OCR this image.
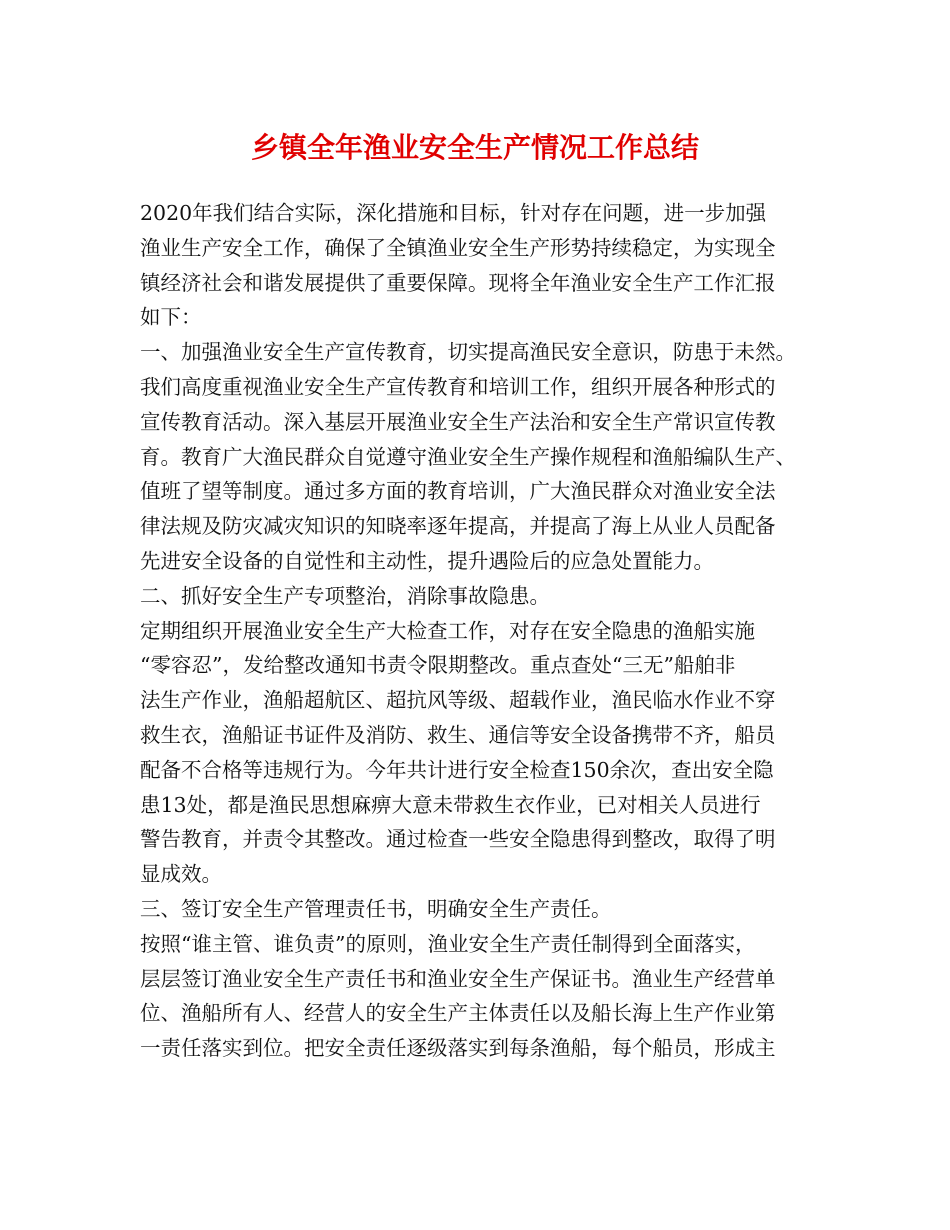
乡镇全年渔业安全生产情况工作总结
2020年我们结合实际，深化措施和目标，针对存在问题，进一步加强
渔业生产安全工作，确保了全镇渔业安全生产形势持续稳定，为实现全
镇经济社会和谐发展提供了重要保障。现将全年渔业安全生产工作汇报
如下：
一、加强渔业安全生产宣传教育，切实提高渔民安全意识，防患于未然。
我们高度重视渔业安全生产宣传教育和培训工作，组织开展各种形式的
宣传教育活动。深入基层开展渔业安全生产法治和安全生产常识宣传教
育。教育广大渔民群众自觉遵守渔业安全生产操作规程和渔船编队生产、
值班了望等制度。通过多方面的教育培训，广大渔民群众对渔业安全法
律法规及防灾减灾知识的知晓率逐年提高，并提高了海上从业人员配备
先进安全设备的自觉性和主动性，提升遇险后的应急处置能力。
二、抓好安全生产专项整治，消除事故隐患。
定期组织开展渔业安全生产大检查工作，对存在安全隐患的渔船实施
“零容忍”，发给整改通知书责令限期整改。重点查处“三无”船舶非
法生产作业，渔船超航区、超抗风等级、超载作业，渔民临水作业不穿
救生衣，渔船证书证件及消防、救生、通信等安全设备携带不齐，船员
配备不合格等违规行为。今年共计进行安全检查150余次，查出安全隐
患13处，都是渔民思想麻痹大意未带救生衣作业，已对相关人员进行
警告教育，并责令其整改。通过检查一些安全隐患得到整改，取得了明
显成效。
三、签订安全生产管理责任书，明确安全生产责任。
按照“谁主管、谁负责”的原则，渔业安全生产责任制得到全面落实，
层层签订渔业安全生产责任书和渔业安全生产保证书。渔业生产经营单
位、渔船所有人、经营人的安全生产主体责任以及船长海上生产作业第
一责任落实到位。把安全责任逐级落实到每条渔船，每个船员，形成主
